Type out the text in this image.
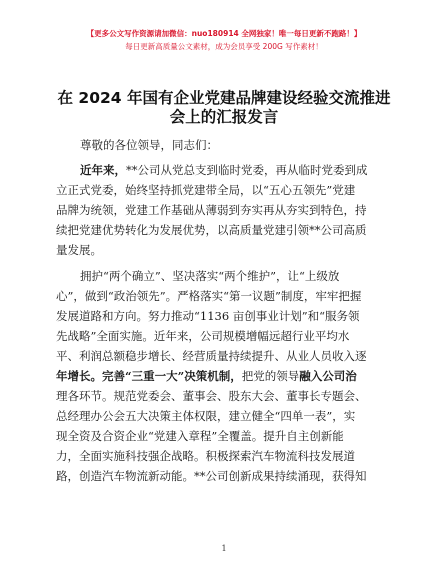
【更多公文写作资源请加微信：nuo180914 全网独家！唯一每日更新不跑路！】
每日更新高质量公文素材，成为会员享受 200G 写作素材！
在 2024 年国有企业党建品牌建设经验交流推进
会上的汇报发言
尊敬的各位领导，同志们：
近年来，**公司从党总支到临时党委，再从临时党委到成
立正式党委，始终坚持抓党建带全局，以“五心五领先”党建
品牌为统领，党建工作基础从薄弱到夯实再从夯实到特色，持
续把党建优势转化为发展优势，以高质量党建引领**公司高质
量发展。
拥护“两个确立”、坚决落实“两个维护”，让“上级放
心”，做到“政治领先”。严格落实“第一议题”制度，牢牢把握
发展道路和方向。努力推动“1136 亩创事业计划”和“服务领
先战略”全面实施。近年来，公司规模增幅远超行业平均水
平、利润总额稳步增长、经营质量持续提升、从业人员收入逐
年增长。完善“三重一大”决策机制，把党的领导融入公司治
理各环节。规范党委会、董事会、股东大会、董事长专题会、
总经理办公会五大决策主体权限，建立健全“四单一表”，实
现全资及合资企业“党建入章程”全覆盖。提升自主创新能
力，全面实施科技强企战略。积极探索汽车物流科技发展道
路，创造汽车物流新动能。**公司创新成果持续涌现，获得知
1
